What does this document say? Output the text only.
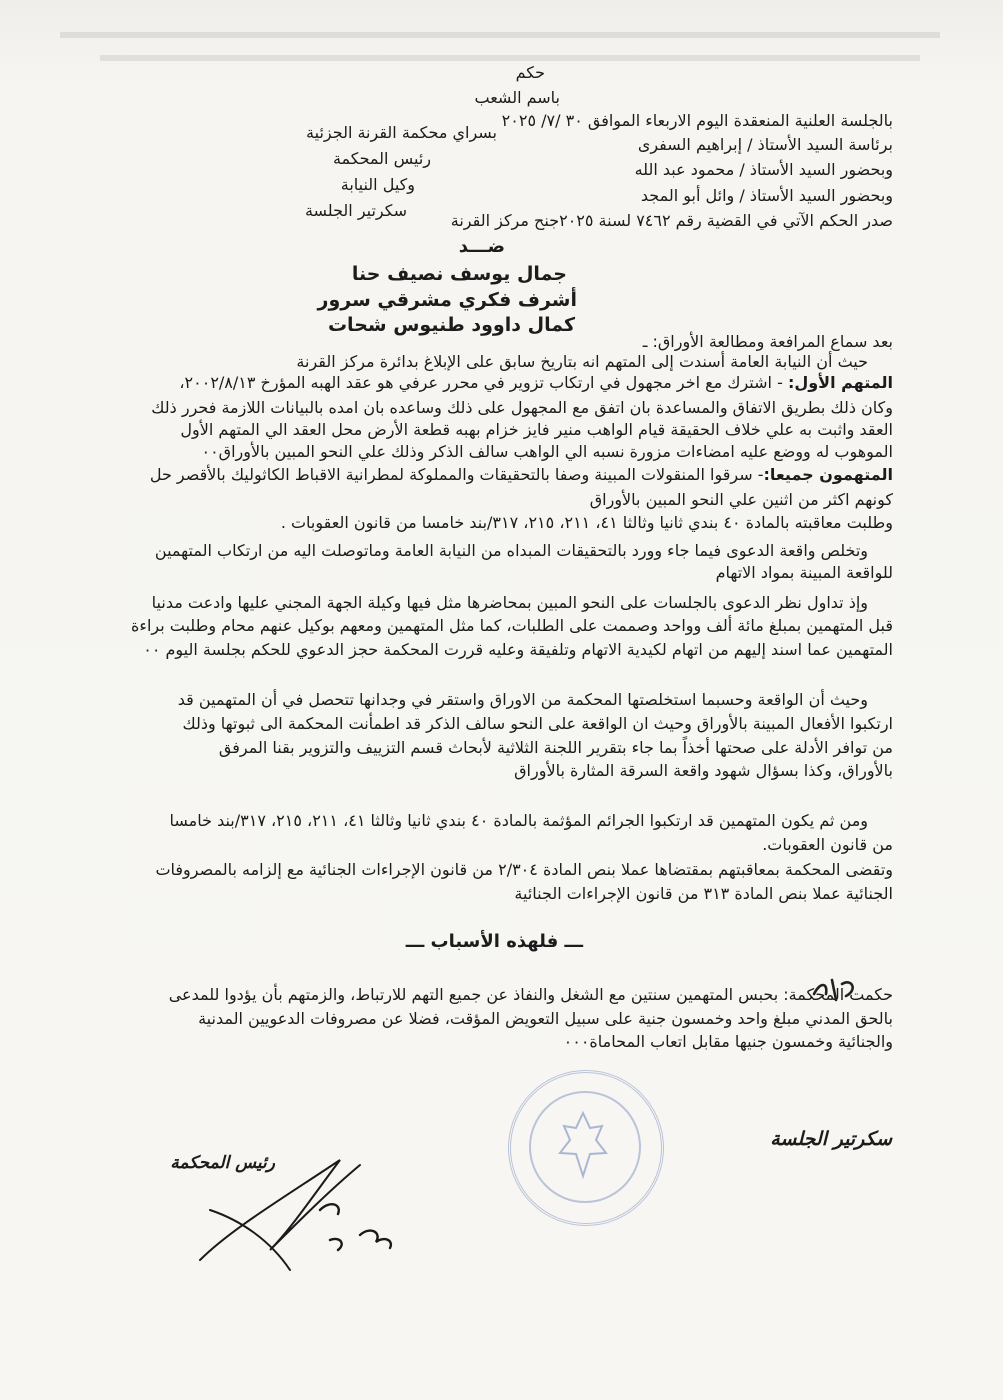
حكم
باسم الشعب
بالجلسة العلنية المنعقدة اليوم الاربعاء الموافق ٣٠ /٧/ ٢٠٢٥
بسراي محكمة القرنة الجزئية
برئاسة السيد الأستاذ / إبراهيم السفرى
رئيس المحكمة
وبحضور السيد الأستاذ / محمود عبد الله
وكيل النيابة
وبحضور السيد الأستاذ / وائل أبو المجد
سكرتير الجلسة
صدر الحكم الآتي في القضية رقم ٧٤٦٢ لسنة ٢٠٢٥جنح مركز القرنة
ضـــد
جمال يوسف نصيف حنا
أشرف فكري مشرقي سرور
كمال داوود طنيوس شحات
بعد سماع المرافعة ومطالعة الأوراق: ـ
حيث أن النيابة العامة أسندت إلى المتهم انه بتاريخ سابق على الإبلاغ بدائرة مركز القرنة
المتهم الأول: - اشترك مع اخر مجهول في ارتكاب تزوير في محرر عرفي هو عقد الهبه المؤرخ ٢٠٠٢/٨/١٣،
وكان ذلك بطريق الاتفاق والمساعدة بان اتفق مع المجهول على ذلك وساعده بان امده بالبيانات اللازمة فحرر ذلك
العقد واثبت به علي خلاف الحقيقة قيام الواهب منير فايز خزام بهبه قطعة الأرض محل العقد الي المتهم الأول
الموهوب له ووضع عليه امضاءات مزورة نسبه الي الواهب سالف الذكر وذلك علي النحو المبين بالأوراق٠٠
المتهمون جميعا:- سرقوا المنقولات المبينة وصفا بالتحقيقات والمملوكة لمطرانية الاقباط الكاثوليك بالأقصر حل
كونهم اكثر من اثنين علي النحو المبين بالأوراق
وطلبت معاقبته بالمادة ٤٠ بندي ثانيا وثالثا ٤١، ٢١١، ٢١٥، ٣١٧/بند خامسا من قانون العقوبات .
وتخلص واقعة الدعوى فيما جاء وورد بالتحقيقات المبداه من النيابة العامة وماتوصلت اليه من ارتكاب المتهمين
للواقعة المبينة بمواد الاتهام
وإذ تداول نظر الدعوى بالجلسات على النحو المبين بمحاضرها مثل فيها وكيلة الجهة المجني عليها وادعت مدنيا
قبل المتهمين بمبلغ مائة ألف وواحد وصممت على الطلبات، كما مثل المتهمين ومعهم بوكيل عنهم محام وطلبت براءة
المتهمين عما اسند إليهم من اتهام لكيدية الاتهام وتلفيقة وعليه قررت المحكمة حجز الدعوي للحكم بجلسة اليوم ٠٠
وحيث أن الواقعة وحسبما استخلصتها المحكمة من الاوراق واستقر في وجدانها تتحصل في أن المتهمين قد
ارتكبوا الأفعال المبينة بالأوراق وحيث ان الواقعة على النحو سالف الذكر قد اطمأنت المحكمة الى ثبوتها وذلك
من توافر الأدلة على صحتها أخذاً بما جاء بتقرير اللجنة الثلاثية لأبحاث قسم التزييف والتزوير بقنا المرفق
بالأوراق، وكذا بسؤال شهود واقعة السرقة المثارة بالأوراق
ومن ثم يكون المتهمين قد ارتكبوا الجرائم المؤثمة بالمادة ٤٠ بندي ثانيا وثالثا ٤١، ٢١١، ٢١٥، ٣١٧/بند خامسا
من قانون العقوبات.
وتقضى المحكمة بمعاقبتهم بمقتضاها عملا بنص المادة ٢/٣٠٤ من قانون الإجراءات الجنائية مع إلزامه بالمصروفات
الجنائية عملا بنص المادة ٣١٣ من قانون الإجراءات الجنائية
ـــ فلهذه الأسباب ـــ
حكمت المحكمة: بحبس المتهمين سنتين مع الشغل والنفاذ عن جميع التهم للارتباط، والزمتهم بأن يؤدوا للمدعى
بالحق المدني مبلغ واحد وخمسون جنية على سبيل التعويض المؤقت، فضلا عن مصروفات الدعويين المدنية
والجنائية وخمسون جنيها مقابل اتعاب المحاماة٠٠٠
سكرتير الجلسة
رئيس المحكمة
